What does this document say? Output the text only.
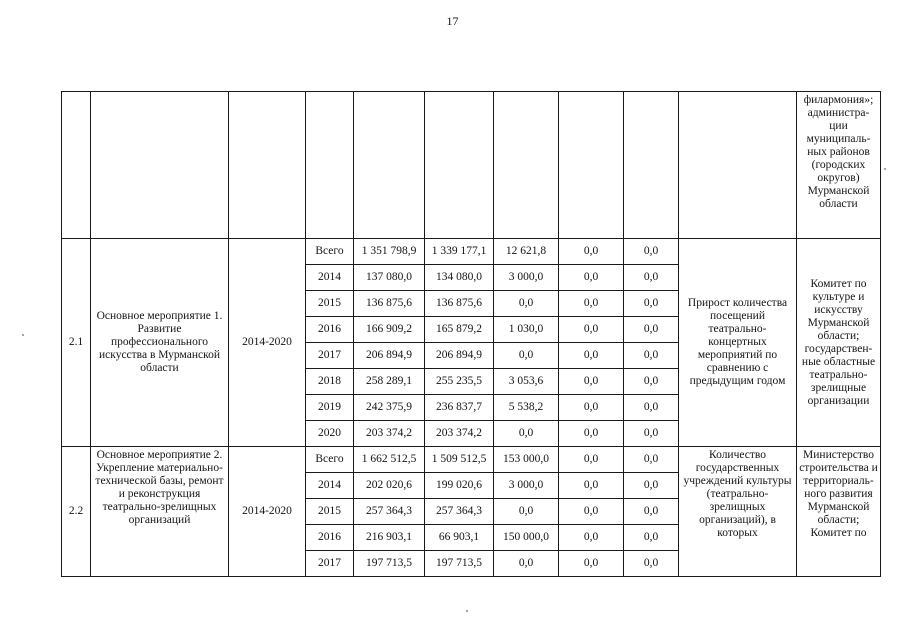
17
										филармония»; администра-ции муниципаль-ных районов (городских округов) Мурманской области
2.1	Основное мероприятие 1. Развитие профессионального искусства в Мурманской области	2014-2020	Всего	1 351 798,9	1 339 177,1	12 621,8	0,0	0,0	Прирост количества посещений театрально-концертных мероприятий по сравнению с предыдущим годом	Комитет по культуре и искусству Мурманской области; государствен-ные областные театрально-зрелищные организации
			2014	137 080,0	134 080,0	3 000,0	0,0	0,0		
			2015	136 875,6	136 875,6	0,0	0,0	0,0		
			2016	166 909,2	165 879,2	1 030,0	0,0	0,0		
			2017	206 894,9	206 894,9	0,0	0,0	0,0		
			2018	258 289,1	255 235,5	3 053,6	0,0	0,0		
			2019	242 375,9	236 837,7	5 538,2	0,0	0,0		
			2020	203 374,2	203 374,2	0,0	0,0	0,0		
2.2	Основное мероприятие 2. Укрепление материально-технической базы, ремонт и реконструкция театрально-зрелищных организаций	2014-2020	Всего	1 662 512,5	1 509 512,5	153 000,0	0,0	0,0	Количество государственных учреждений культуры (театрально-зрелищных организаций), в которых	Министерство строительства и территориаль-ного развития Мурманской области; Комитет по
			2014	202 020,6	199 020,6	3 000,0	0,0	0,0		
			2015	257 364,3	257 364,3	0,0	0,0	0,0		
			2016	216 903,1	66 903,1	150 000,0	0,0	0,0		
			2017	197 713,5	197 713,5	0,0	0,0	0,0		
